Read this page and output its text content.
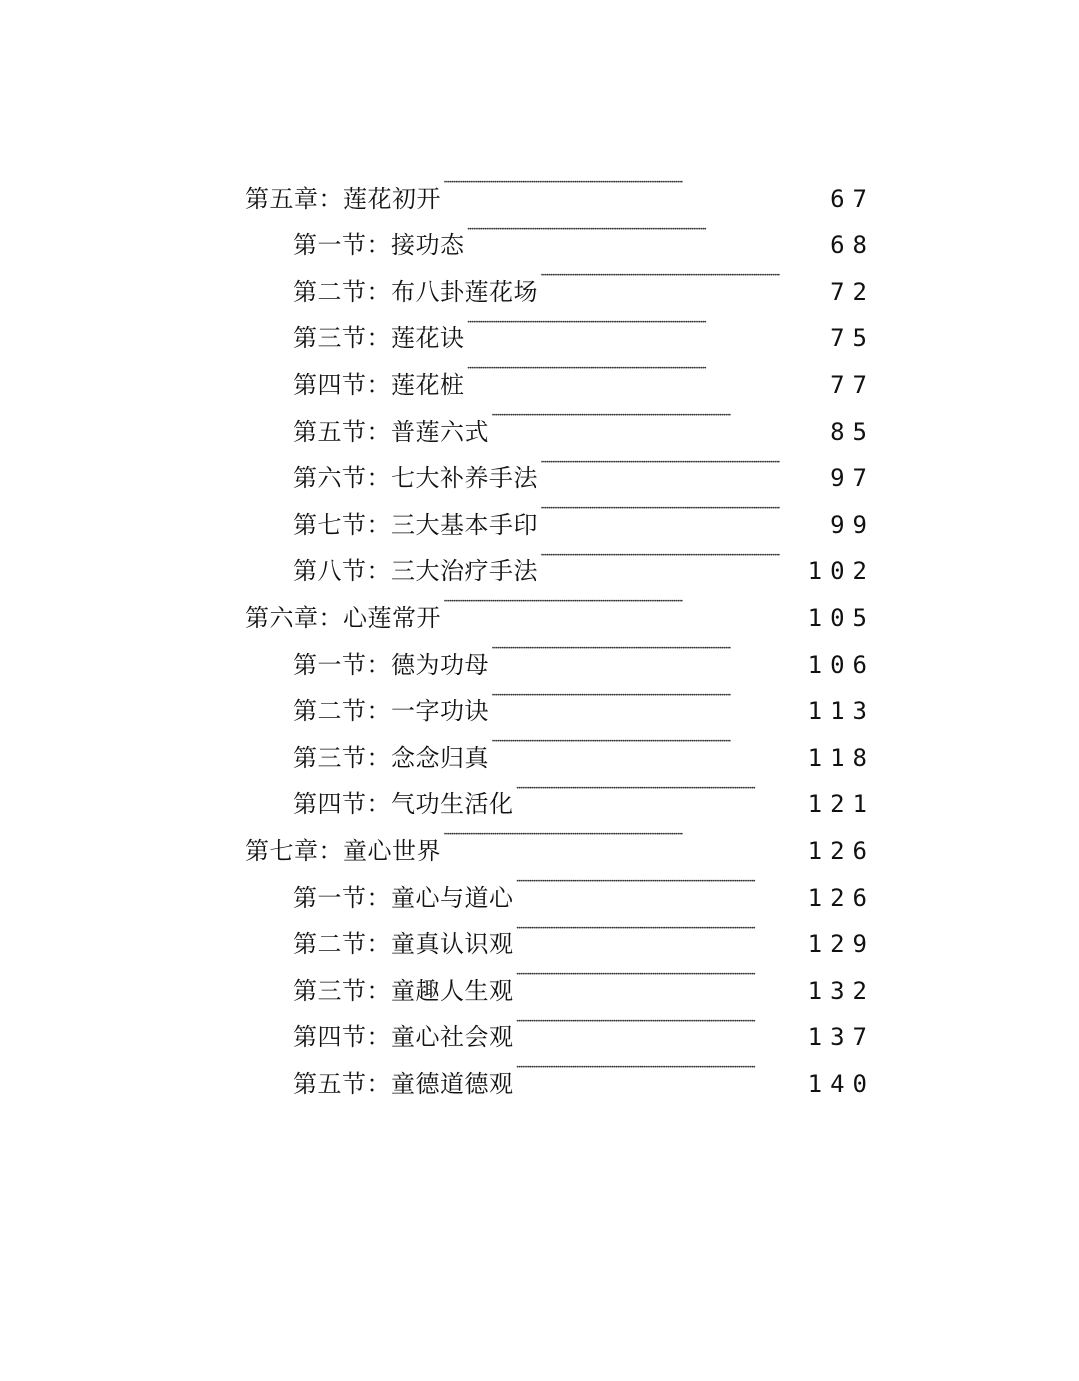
第五章：莲花初开 · · ·	67
第一节：接功态 · · ·	68
第二节：布八卦莲花场 · · ·	72
第三节：莲花诀 · · ·	75
第四节：莲花桩 · · ·	77
第五节：普莲六式 · · ·	85
第六节：七大补养手法 · · ·	97
第七节：三大基本手印 · · ·	99
第八节：三大治疗手法 · · ·	102
第六章：心莲常开 · · ·	105
第一节：德为功母 · · ·	106
第二节：一字功诀 · · ·	113
第三节：念念归真 · · ·	118
第四节：气功生活化 · · ·	121
第七章：童心世界 · · ·	126
第一节：童心与道心 · · ·	126
第二节：童真认识观 · · ·	129
第三节：童趣人生观 · · ·	132
第四节：童心社会观 · · ·	137
第五节：童德道德观 · · ·	140
